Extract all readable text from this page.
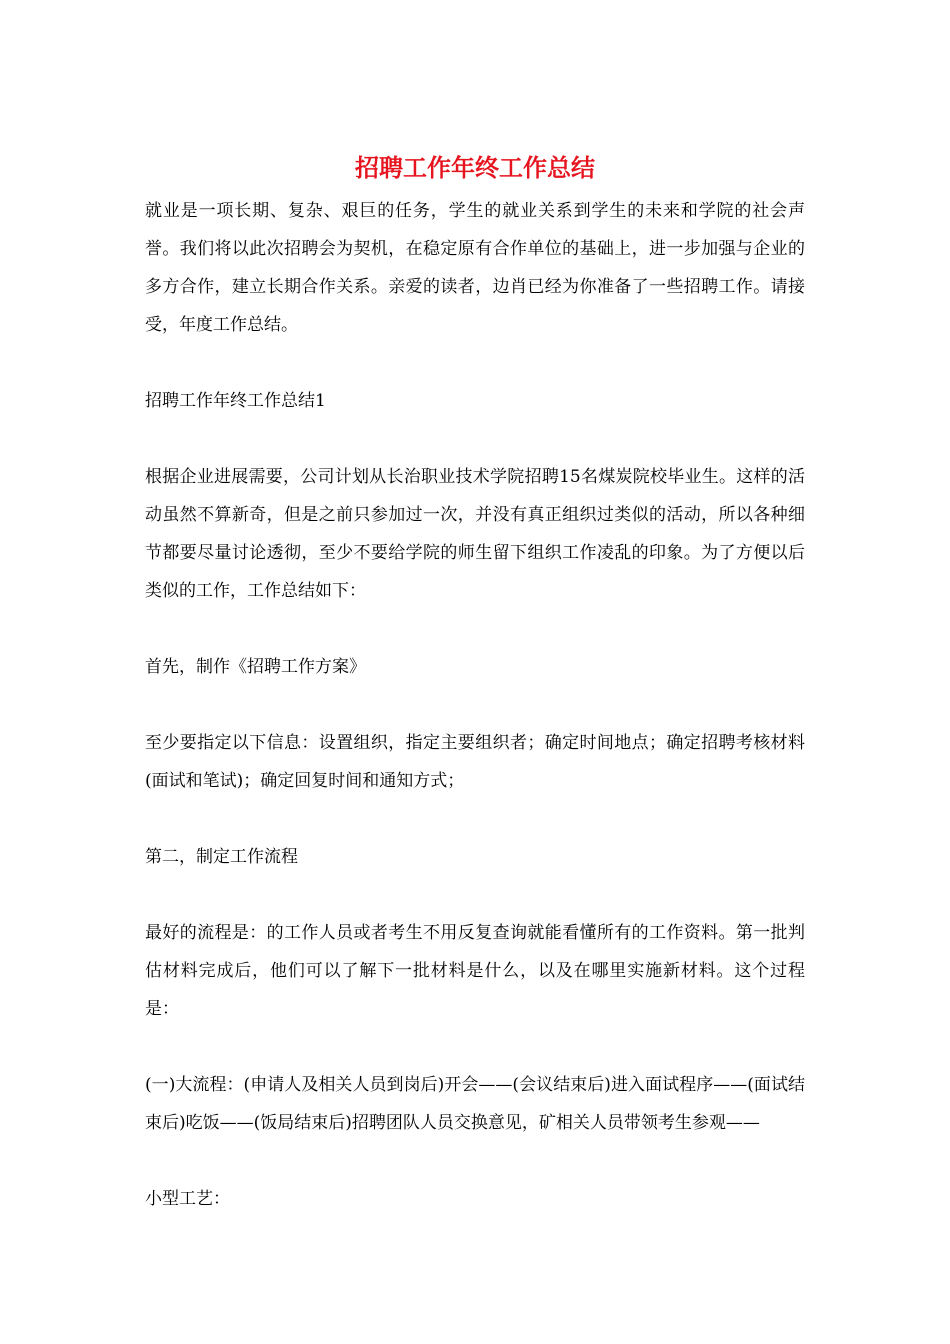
招聘工作年终工作总结

就业是一项长期、复杂、艰巨的任务，学生的就业关系到学生的未来和学院的社会声誉。我们将以此次招聘会为契机，在稳定原有合作单位的基础上，进一步加强与企业的多方合作，建立长期合作关系。亲爱的读者，边肖已经为你准备了一些招聘工作。请接受，年度工作总结。

招聘工作年终工作总结1

根据企业进展需要，公司计划从长治职业技术学院招聘15名煤炭院校毕业生。这样的活动虽然不算新奇，但是之前只参加过一次，并没有真正组织过类似的活动，所以各种细节都要尽量讨论透彻，至少不要给学院的师生留下组织工作凌乱的印象。为了方便以后类似的工作，工作总结如下：

首先，制作《招聘工作方案》

至少要指定以下信息：设置组织，指定主要组织者；确定时间地点；确定招聘考核材料(面试和笔试)；确定回复时间和通知方式；

第二，制定工作流程

最好的流程是：的工作人员或者考生不用反复查询就能看懂所有的工作资料。第一批判估材料完成后，他们可以了解下一批材料是什么，以及在哪里实施新材料。这个过程是：

(一)大流程：(申请人及相关人员到岗后)开会——(会议结束后)进入面试程序——(面试结束后)吃饭——(饭局结束后)招聘团队人员交换意见，矿相关人员带领考生参观——

小型工艺：
